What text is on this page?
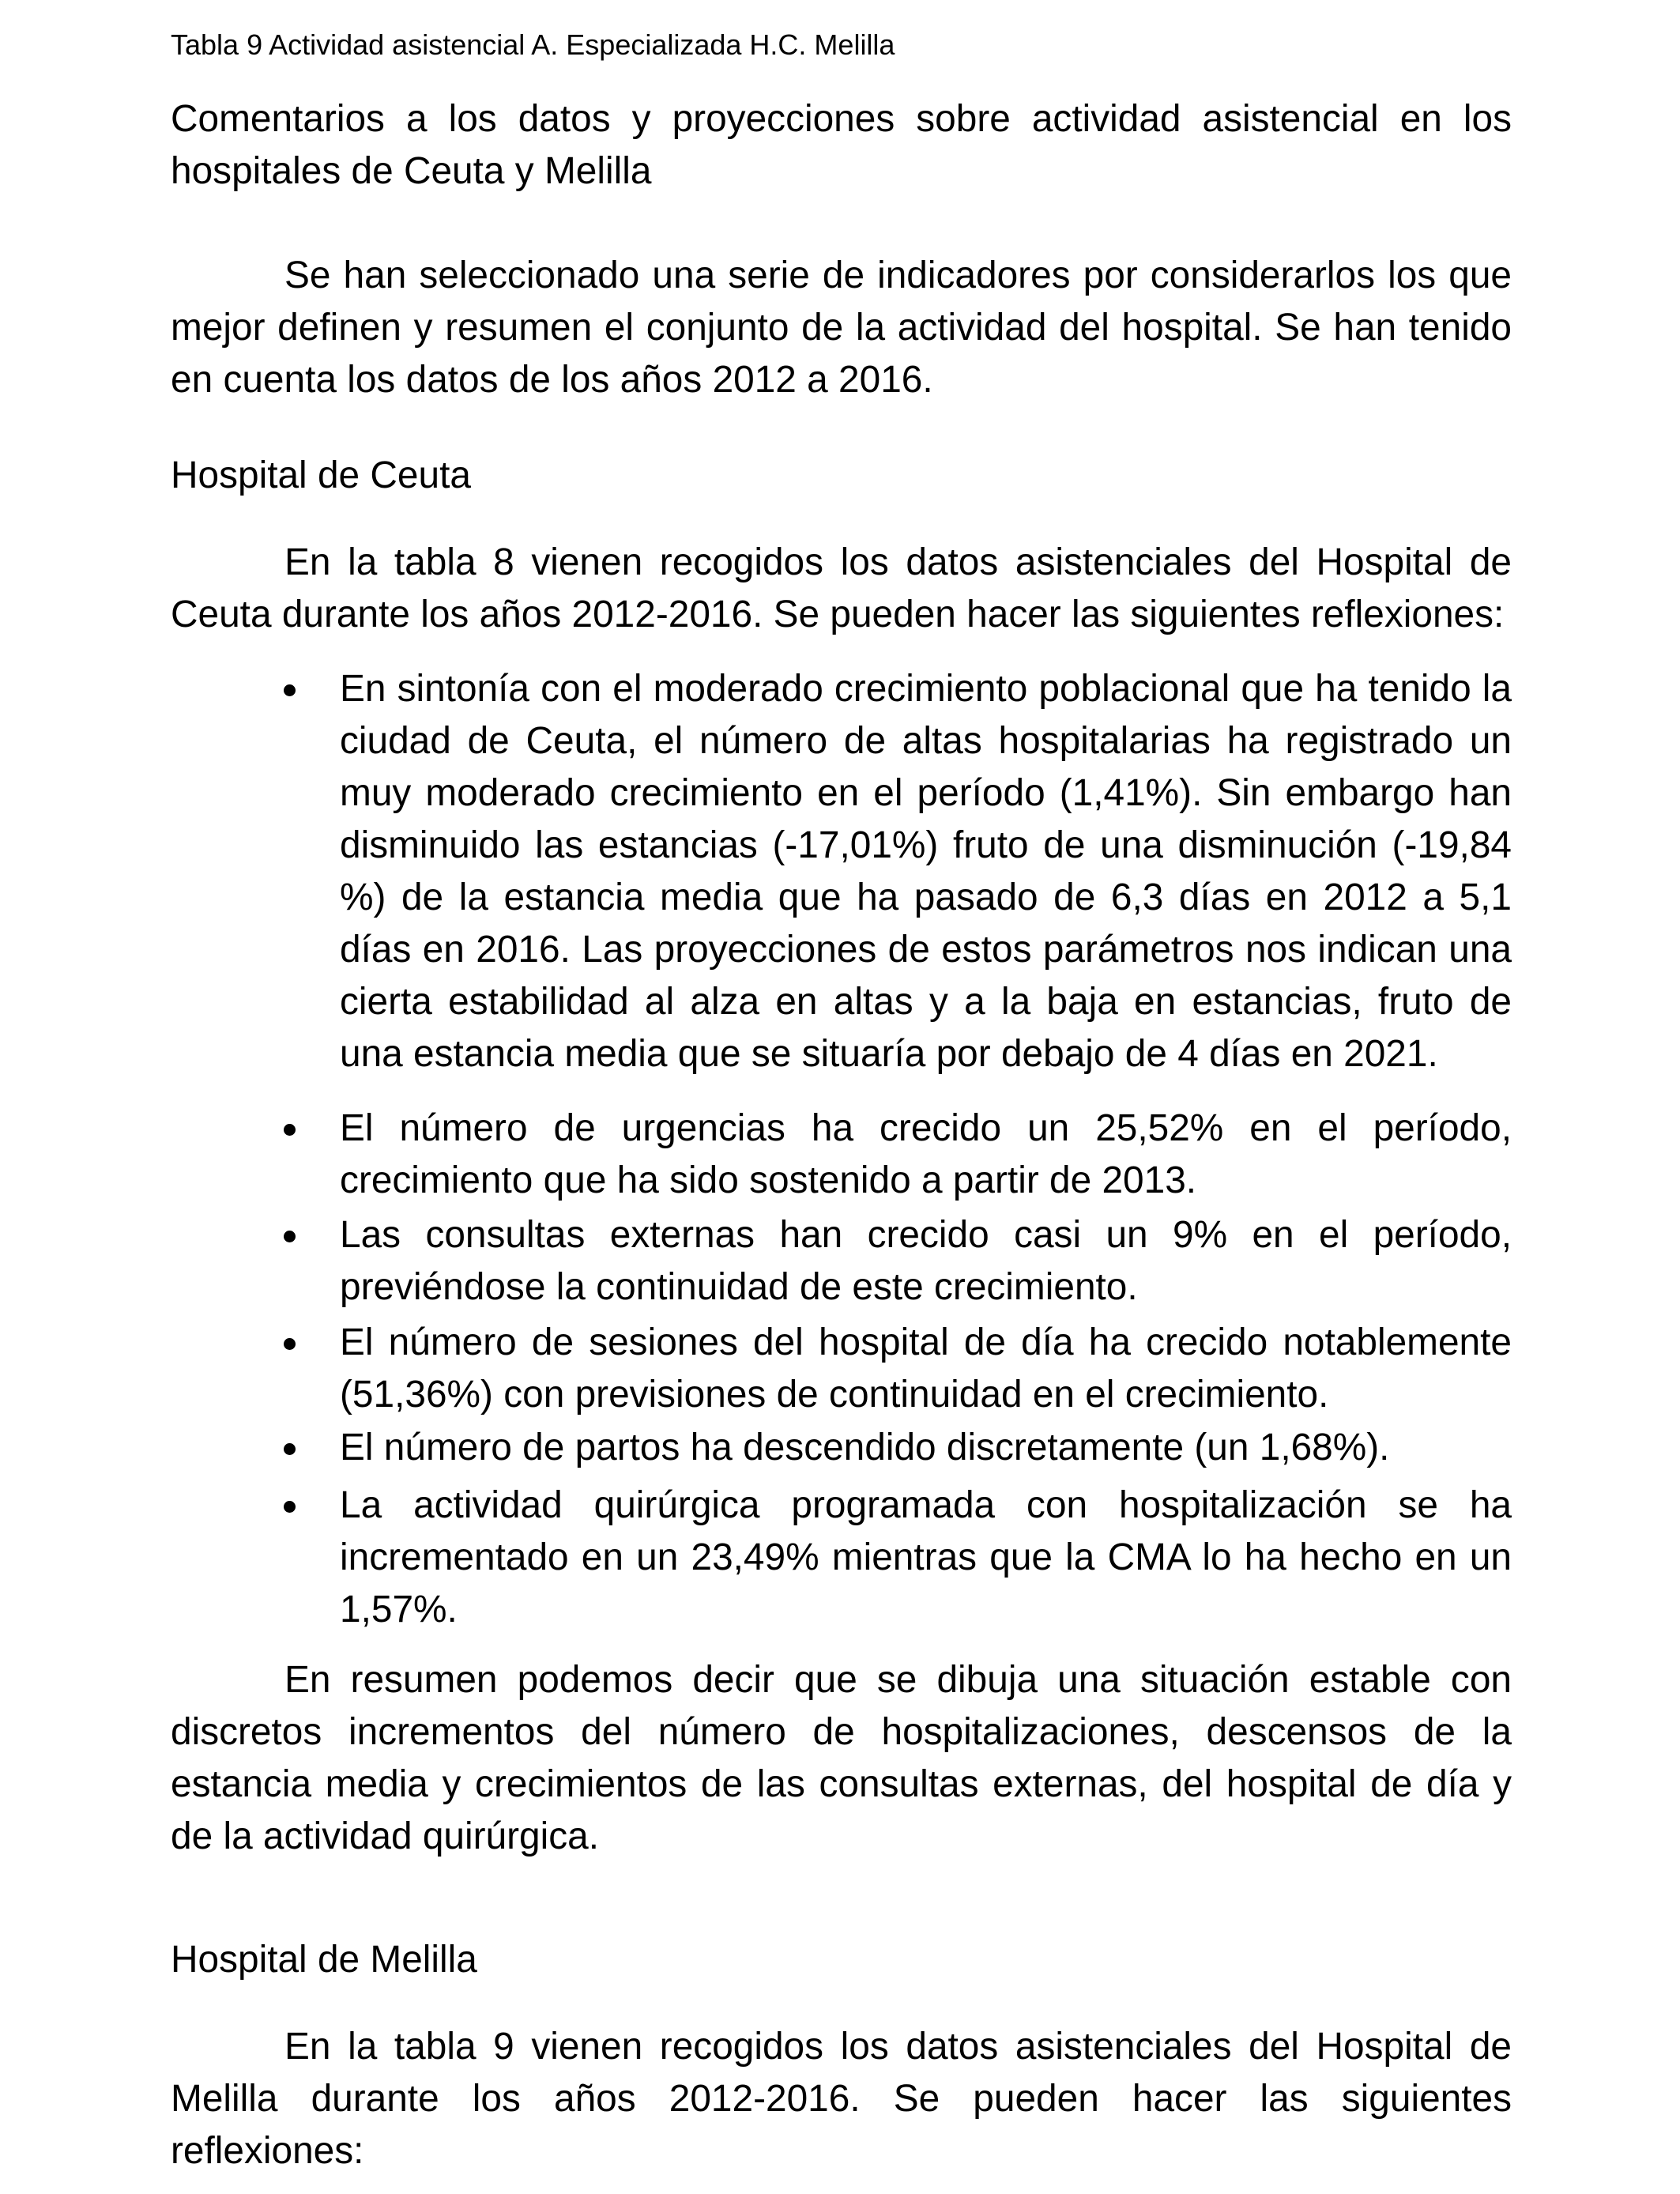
Tabla 9 Actividad asistencial A. Especializada H.C. Melilla
Comentarios a los datos y proyecciones sobre actividad asistencial en los
hospitales de Ceuta y Melilla
Se han seleccionado una serie de indicadores por considerarlos los que
mejor definen y resumen el conjunto de la actividad del hospital. Se han tenido
en cuenta los datos de los años 2012 a 2016.
Hospital de Ceuta
En la tabla 8 vienen recogidos los datos asistenciales del Hospital de
Ceuta durante los años 2012-2016. Se pueden hacer las siguientes reflexiones:
En sintonía con el moderado crecimiento poblacional que ha tenido la
ciudad de Ceuta, el número de altas hospitalarias ha registrado un
muy moderado crecimiento en el período (1,41%). Sin embargo han
disminuido las estancias (-17,01%) fruto de una disminución (-19,84
%) de la estancia media que ha pasado de 6,3 días en 2012 a 5,1
días en 2016. Las proyecciones de estos parámetros nos indican una
cierta estabilidad al alza en altas y a la baja en estancias, fruto de
una estancia media que se situaría por debajo de 4 días en 2021.
El número de urgencias ha crecido un 25,52% en el período,
crecimiento que ha sido sostenido a partir de 2013.
Las consultas externas han crecido casi un 9% en el período,
previéndose la continuidad de este crecimiento.
El número de sesiones del hospital de día ha crecido notablemente
(51,36%) con previsiones de continuidad en el crecimiento.
El número de partos ha descendido discretamente (un 1,68%).
La actividad quirúrgica programada con hospitalización se ha
incrementado en un 23,49% mientras que la CMA lo ha hecho en un
1,57%.
En resumen podemos decir que se dibuja una situación estable con
discretos incrementos del número de hospitalizaciones, descensos de la
estancia media y crecimientos de las consultas externas, del hospital de día y
de la actividad quirúrgica.
Hospital de Melilla
En la tabla 9 vienen recogidos los datos asistenciales del Hospital de
Melilla durante los años 2012-2016. Se pueden hacer las siguientes
reflexiones:
